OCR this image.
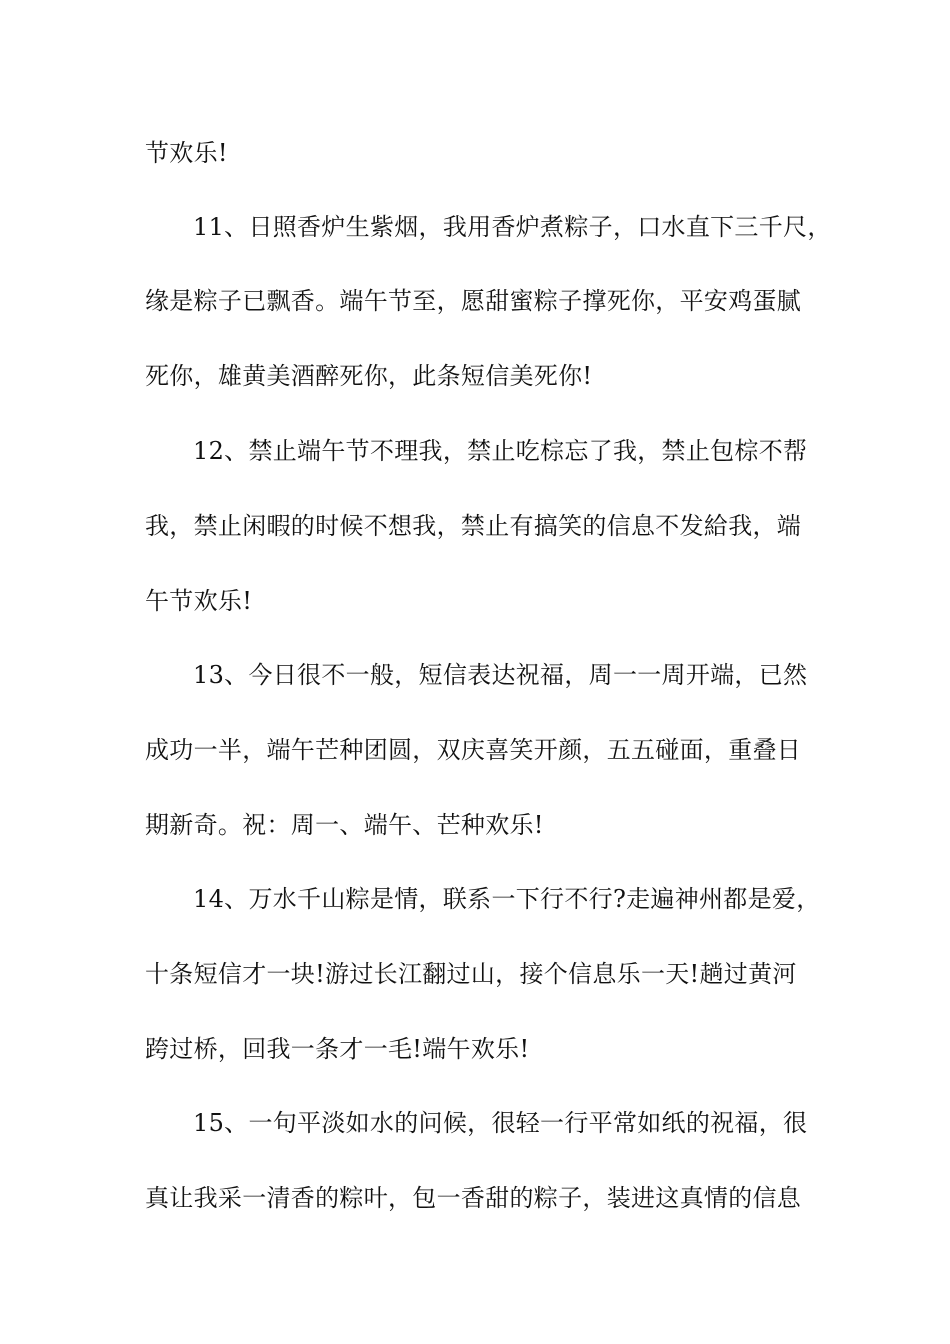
节欢乐!
11、日照香炉生紫烟，我用香炉煮粽子，口水直下三千尺，
缘是粽子已飘香。端午节至，愿甜蜜粽子撑死你，平安鸡蛋腻
死你，雄黄美酒醉死你，此条短信美死你!
12、禁止端午节不理我，禁止吃棕忘了我，禁止包棕不帮
我，禁止闲暇的时候不想我，禁止有搞笑的信息不发給我，端
午节欢乐!
13、今日很不一般，短信表达祝福，周一一周开端，已然
成功一半，端午芒种团圆，双庆喜笑开颜，五五碰面，重叠日
期新奇。祝：周一、端午、芒种欢乐!
14、万水千山粽是情，联系一下行不行?走遍神州都是爱，
十条短信才一块!游过长江翻过山，接个信息乐一天!趟过黄河
跨过桥，回我一条才一毛!端午欢乐!
15、一句平淡如水的问候，很轻一行平常如纸的祝福，很
真让我采一清香的粽叶，包一香甜的粽子，装进这真情的信息
